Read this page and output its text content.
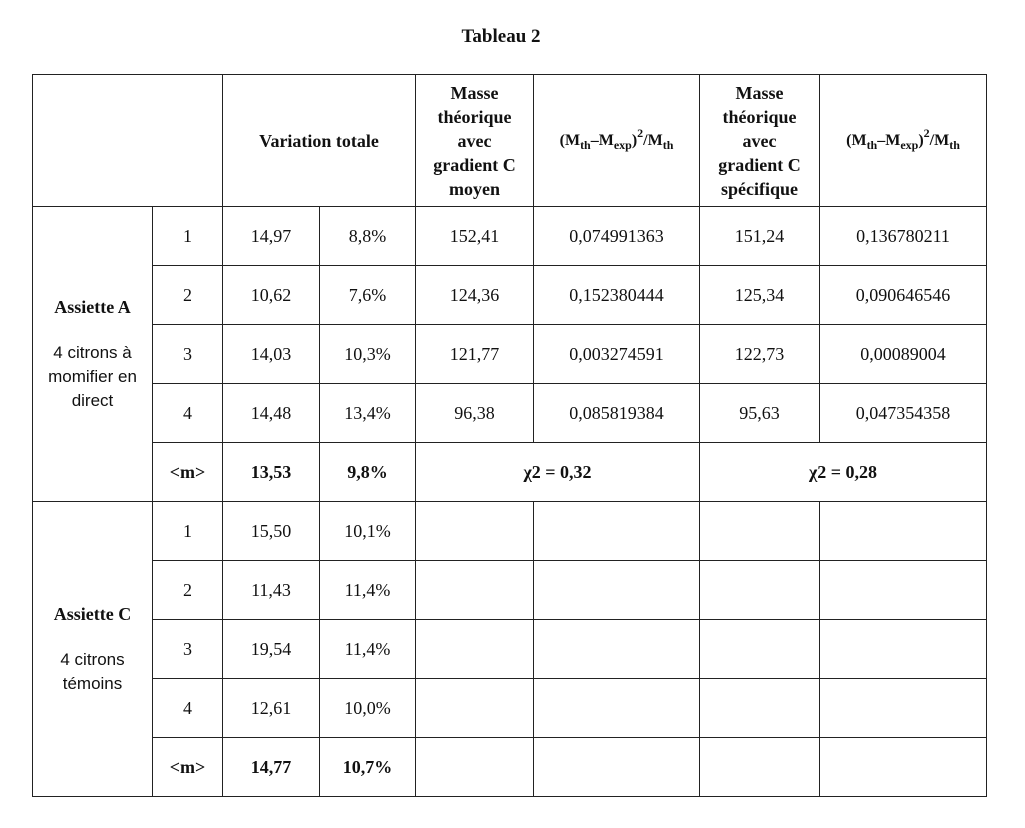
Tableau 2
		Variation totale		Masse
théorique
avec
gradient C
moyen	$(M_{th}-M_{exp})^2/M_{th}$	Masse
théorique
avec
gradient C
spécifique	$(M_{th}-M_{exp})^2/M_{th}$

Assiette A
4 citrons à
momifier en
direct	1	14,97	8,8%	152,41	0,074991363	151,24	0,136780211
	2	10,62	7,6%	124,36	0,152380444	125,34	0,090646546
	3	14,03	10,3%	121,77	0,003274591	122,73	0,00089004
	4	14,48	13,4%	96,38	0,085819384	95,63	0,047354358
	<m>	13,53	9,8%	χ2 = 0,32		χ2 = 0,28	

Assiette C
4 citrons
témoins	1	15,50	10,1%				
	2	11,43	11,4%				
	3	19,54	11,4%				
	4	12,61	10,0%				
	<m>	14,77	10,7%				
